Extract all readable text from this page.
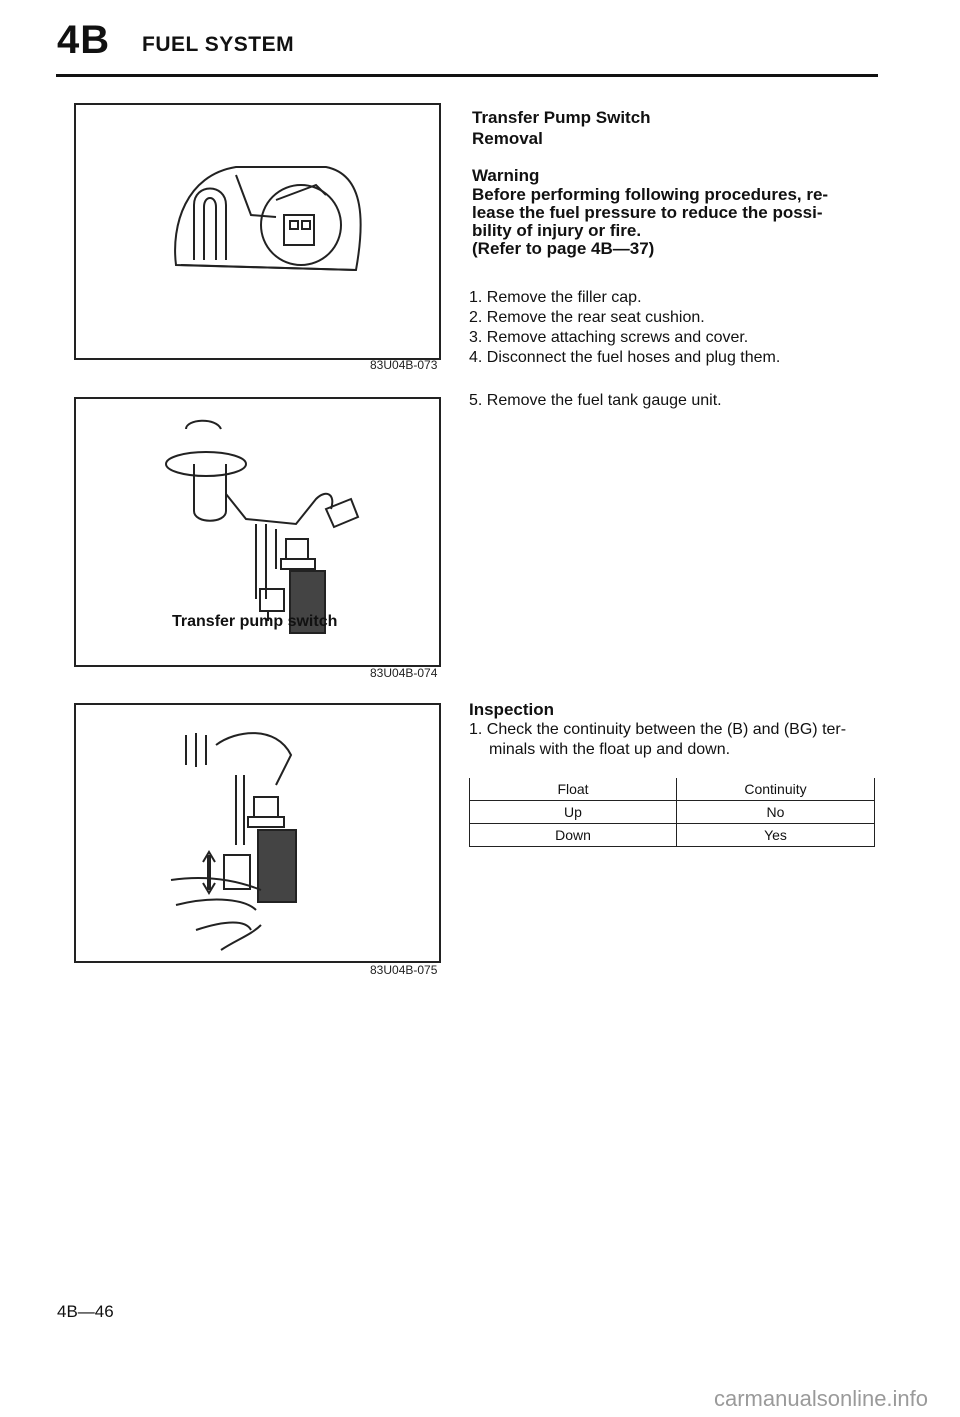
4B FUEL SYSTEM
83U04B-073
Transfer pump switch
83U04B-074
83U04B-075
Transfer Pump Switch
Removal
Warning
Before performing following procedures, re-
lease the fuel pressure to reduce the possi-
bility of injury or fire.
(Refer to page 4B—37)
1. Remove the filler cap.
2. Remove the rear seat cushion.
3. Remove attaching screws and cover.
4. Disconnect the fuel hoses and plug them.
5. Remove the fuel tank gauge unit.
Inspection
1. Check the continuity between the (B) and (BG) ter-
minals with the float up and down.
Float	Continuity
Up	No
Down	Yes
4B—46
carmanualsonline.info
